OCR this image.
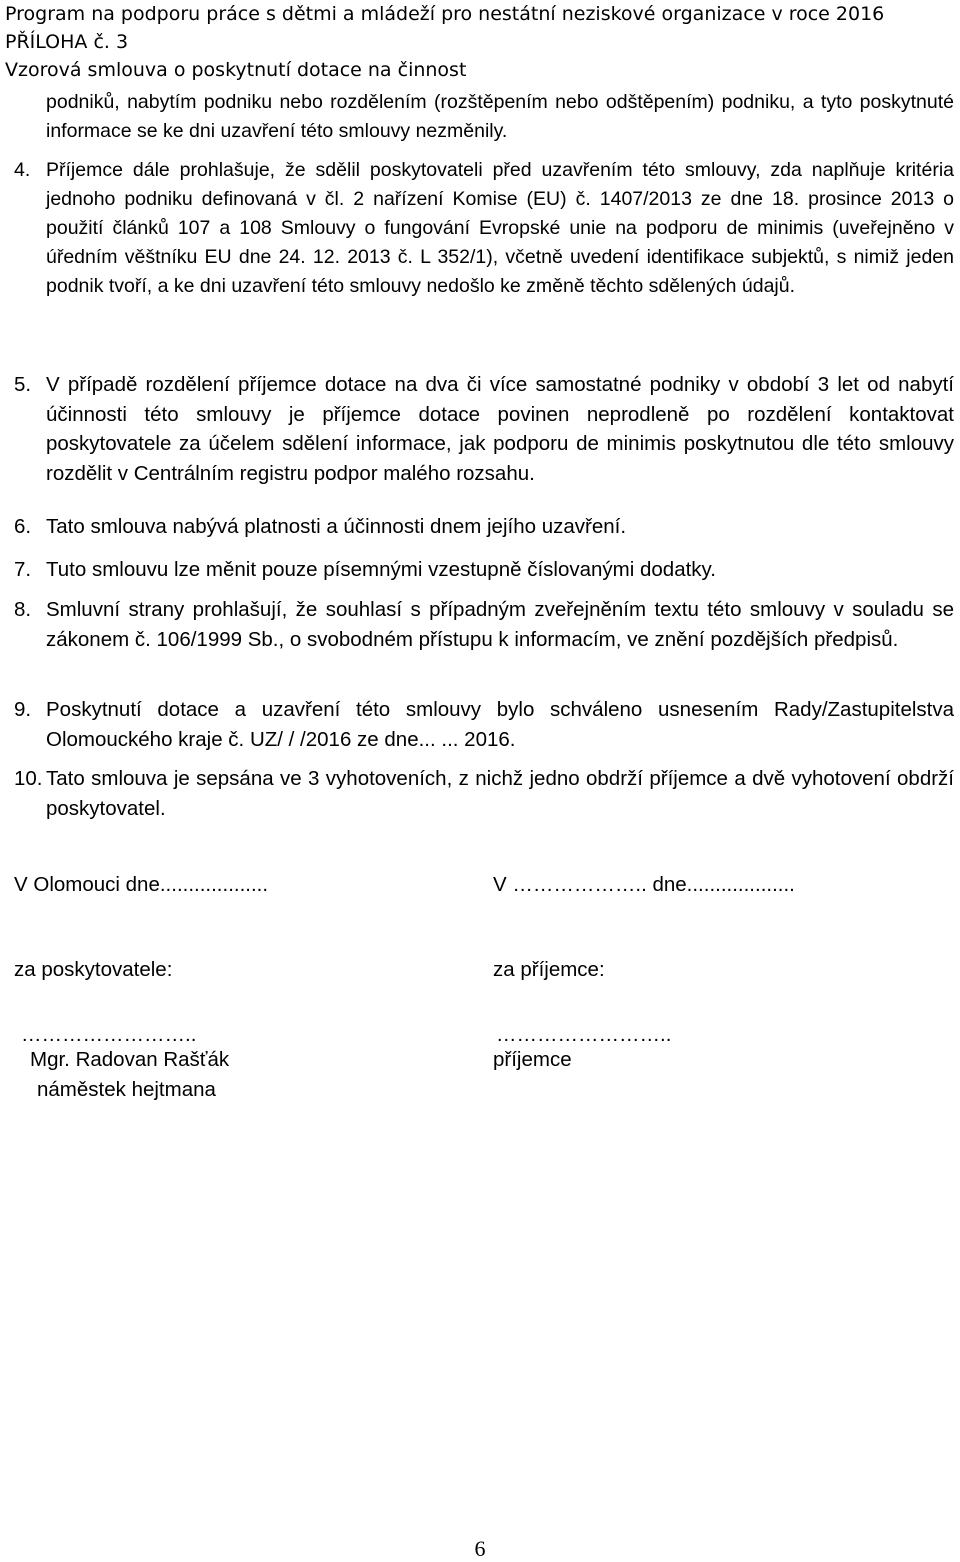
Program na podporu práce s dětmi a mládeží pro nestátní neziskové organizace v roce 2016
PŘÍLOHA č. 3
Vzorová smlouva o poskytnutí dotace na činnost
podniků, nabytím podniku nebo rozdělením (rozštěpením nebo odštěpením) podniku, a tyto poskytnuté informace se ke dni uzavření této smlouvy nezměnily.
4. Příjemce dále prohlašuje, že sdělil poskytovateli před uzavřením této smlouvy, zda naplňuje kritéria jednoho podniku definovaná v čl. 2 nařízení Komise (EU) č. 1407/2013 ze dne 18. prosince 2013 o použití článků 107 a 108 Smlouvy o fungování Evropské unie na podporu de minimis (uveřejněno v úředním věštníku EU dne 24. 12. 2013 č. L 352/1), včetně uvedení identifikace subjektů, s nimiž jeden podnik tvoří, a ke dni uzavření této smlouvy nedošlo ke změně těchto sdělených údajů.
5. V případě rozdělení příjemce dotace na dva či více samostatné podniky v období 3 let od nabytí účinnosti této smlouvy je příjemce dotace povinen neprodleně po rozdělení kontaktovat poskytovatele za účelem sdělení informace, jak podporu de minimis poskytnutou dle této smlouvy rozdělit v Centrálním registru podpor malého rozsahu.
6. Tato smlouva nabývá platnosti a účinnosti dnem jejího uzavření.
7. Tuto smlouvu lze měnit pouze písemnými vzestupně číslovanými dodatky.
8. Smluvní strany prohlašují, že souhlasí s případným zveřejněním textu této smlouvy v souladu se zákonem č. 106/1999 Sb., o svobodném přístupu k informacím, ve znění pozdějších předpisů.
9. Poskytnutí dotace a uzavření této smlouvy bylo schváleno usnesením Rady/Zastupitelstva Olomouckého kraje č. UZ/ / /2016 ze dne... ... 2016.
10. Tato smlouva je sepsána ve 3 vyhotoveních, z nichž jedno obdrží příjemce a dvě vyhotovení obdrží poskytovatel.
V Olomouci dne...................	V ……………….. dne...................
za poskytovatele:	za příjemce:
……………………..	……………………..
Mgr. Radovan Rašťák	příjemce
náměstek hejtmana
6
